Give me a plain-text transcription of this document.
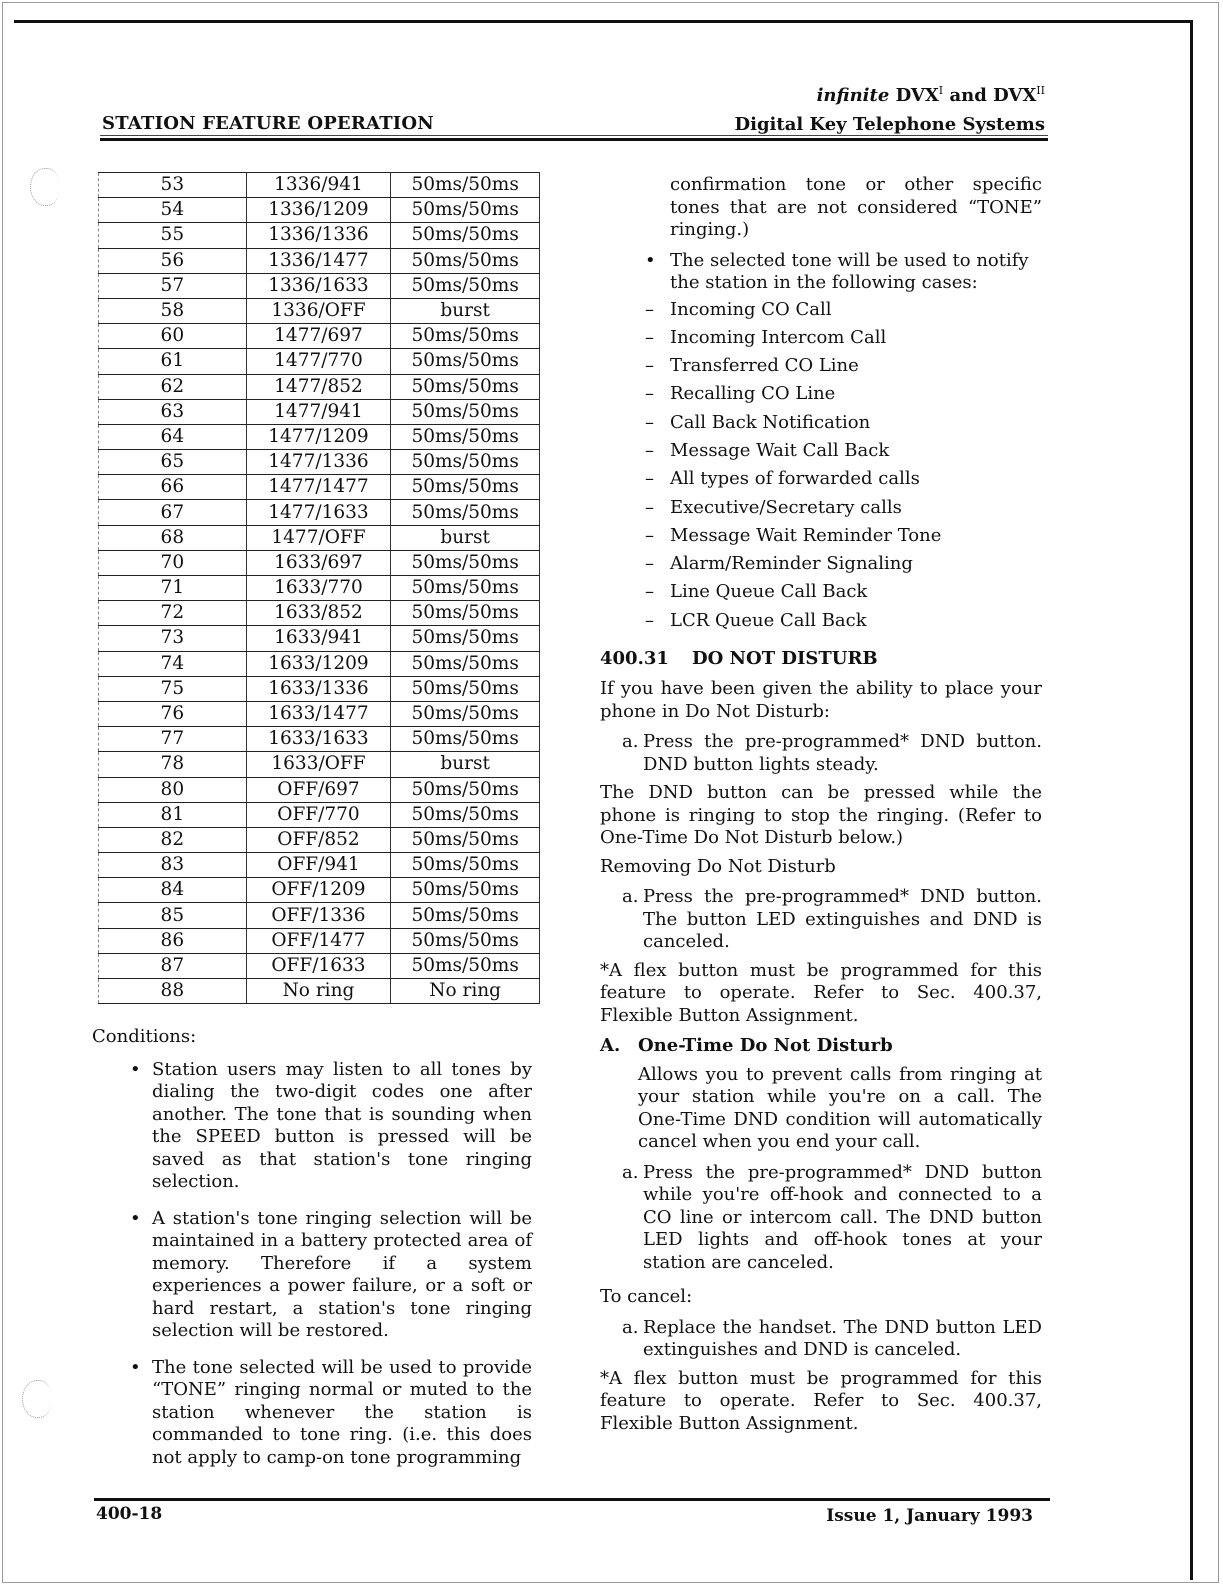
STATION FEATURE OPERATION
infinite $DVX^I$ and $DVX^{II}$
Digital Key Telephone Systems
53	1336/941	50ms/50ms
54	1336/1209	50ms/50ms
55	1336/1336	50ms/50ms
56	1336/1477	50ms/50ms
57	1336/1633	50ms/50ms
58	1336/OFF	burst
60	1477/697	50ms/50ms
61	1477/770	50ms/50ms
62	1477/852	50ms/50ms
63	1477/941	50ms/50ms
64	1477/1209	50ms/50ms
65	1477/1336	50ms/50ms
66	1477/1477	50ms/50ms
67	1477/1633	50ms/50ms
68	1477/OFF	burst
70	1633/697	50ms/50ms
71	1633/770	50ms/50ms
72	1633/852	50ms/50ms
73	1633/941	50ms/50ms
74	1633/1209	50ms/50ms
75	1633/1336	50ms/50ms
76	1633/1477	50ms/50ms
77	1633/1633	50ms/50ms
78	1633/OFF	burst
80	OFF/697	50ms/50ms
81	OFF/770	50ms/50ms
82	OFF/852	50ms/50ms
83	OFF/941	50ms/50ms
84	OFF/1209	50ms/50ms
85	OFF/1336	50ms/50ms
86	OFF/1477	50ms/50ms
87	OFF/1633	50ms/50ms
88	No ring	No ring

Conditions:

• Station users may listen to all tones by dialing the two-digit codes one after another. The tone that is sounding when the SPEED button is pressed will be saved as that station's tone ringing selection.
• A station's tone ringing selection will be maintained in a battery protected area of memory. Therefore if a system experiences a power failure, or a soft or hard restart, a station's tone ringing selection will be restored.
• The tone selected will be used to provide “TONE” ringing normal or muted to the station whenever the station is commanded to tone ring. (i.e. this does not apply to camp-on tone programming

confirmation tone or other specific tones that are not considered “TONE” ringing.)

• The selected tone will be used to notify the station in the following cases:
– Incoming CO Call
– Incoming Intercom Call
– Transferred CO Line
– Recalling CO Line
– Call Back Notification
– Message Wait Call Back
– All types of forwarded calls
– Executive/Secretary calls
– Message Wait Reminder Tone
– Alarm/Reminder Signaling
– Line Queue Call Back
– LCR Queue Call Back
400.31 DO NOT DISTURB

If you have been given the ability to place your phone in Do Not Disturb:

a. Press the pre-programmed* DND button. DND button lights steady.

The DND button can be pressed while the phone is ringing to stop the ringing. (Refer to One-Time Do Not Disturb below.)

Removing Do Not Disturb

a. Press the pre-programmed* DND button. The button LED extinguishes and DND is canceled.

*A flex button must be programmed for this feature to operate. Refer to Sec. 400.37, Flexible Button Assignment.

A. One-Time Do Not Disturb

Allows you to prevent calls from ringing at your station while you're on a call. The One-Time DND condition will automatically cancel when you end your call.

a. Press the pre-programmed* DND button while you're off-hook and connected to a CO line or intercom call. The DND button LED lights and off-hook tones at your station are canceled.

To cancel:

a. Replace the handset. The DND button LED extinguishes and DND is canceled.

*A flex button must be programmed for this feature to operate. Refer to Sec. 400.37, Flexible Button Assignment.

400-18	Issue 1, January 1993
